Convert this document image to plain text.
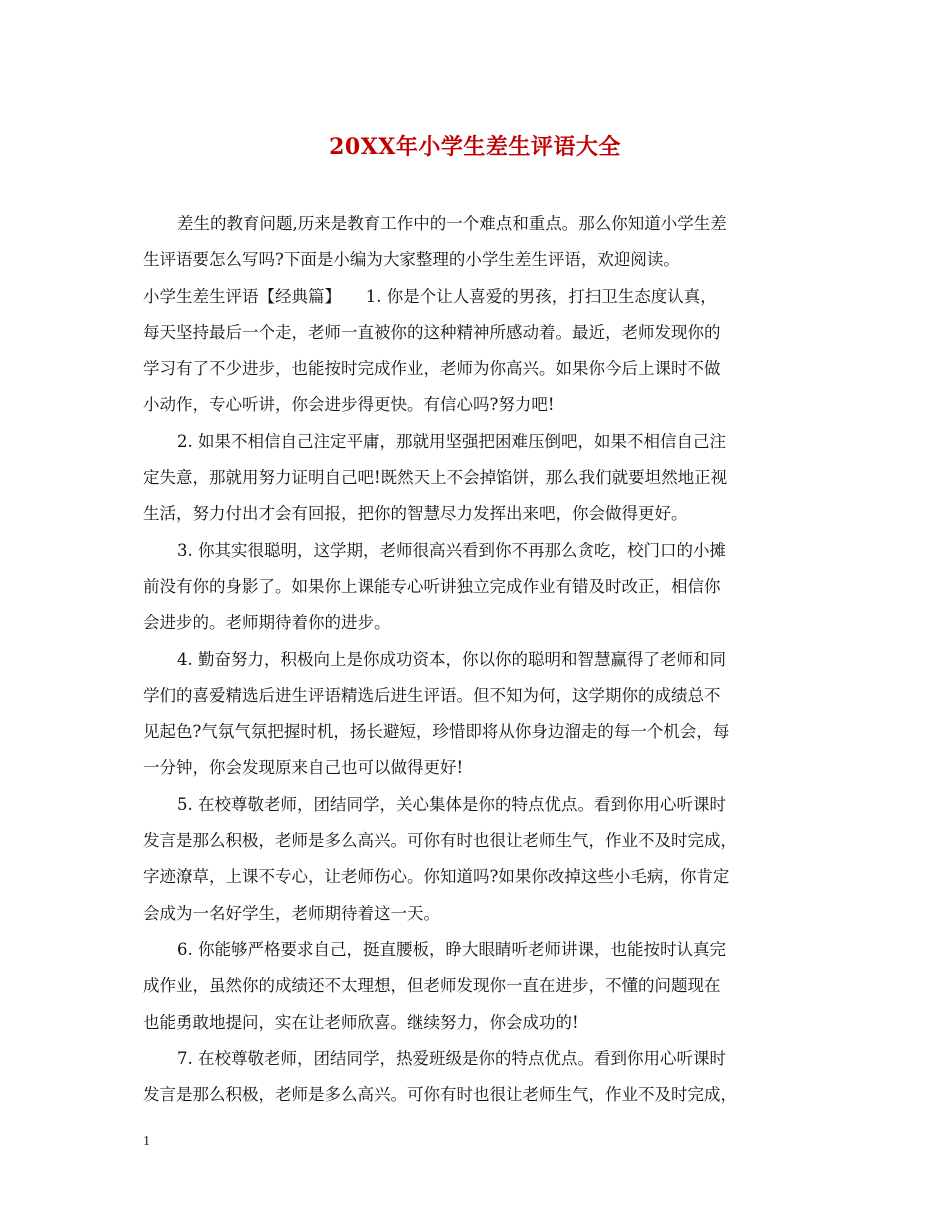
20XX年小学生差生评语大全
差生的教育问题,历来是教育工作中的一个难点和重点。那么你知道小学生差
生评语要怎么写吗?下面是小编为大家整理的小学生差生评语，欢迎阅读。
小学生差生评语【经典篇】　　1. 你是个让人喜爱的男孩，打扫卫生态度认真，
每天坚持最后一个走，老师一直被你的这种精神所感动着。最近，老师发现你的
学习有了不少进步，也能按时完成作业，老师为你高兴。如果你今后上课时不做
小动作，专心听讲，你会进步得更快。有信心吗?努力吧!
2. 如果不相信自己注定平庸，那就用坚强把困难压倒吧，如果不相信自己注
定失意，那就用努力证明自己吧!既然天上不会掉馅饼，那么我们就要坦然地正视
生活，努力付出才会有回报，把你的智慧尽力发挥出来吧，你会做得更好。
3. 你其实很聪明，这学期，老师很高兴看到你不再那么贪吃，校门口的小摊
前没有你的身影了。如果你上课能专心听讲独立完成作业有错及时改正，相信你
会进步的。老师期待着你的进步。
4. 勤奋努力，积极向上是你成功资本，你以你的聪明和智慧赢得了老师和同
学们的喜爱精选后进生评语精选后进生评语。但不知为何，这学期你的成绩总不
见起色?气氛气氛把握时机，扬长避短，珍惜即将从你身边溜走的每一个机会，每
一分钟，你会发现原来自己也可以做得更好!
5. 在校尊敬老师，团结同学，关心集体是你的特点优点。看到你用心听课时
发言是那么积极，老师是多么高兴。可你有时也很让老师生气，作业不及时完成，
字迹潦草，上课不专心，让老师伤心。你知道吗?如果你改掉这些小毛病，你肯定
会成为一名好学生，老师期待着这一天。
6. 你能够严格要求自己，挺直腰板，睁大眼睛听老师讲课，也能按时认真完
成作业，虽然你的成绩还不太理想，但老师发现你一直在进步，不懂的问题现在
也能勇敢地提问，实在让老师欣喜。继续努力，你会成功的!
7. 在校尊敬老师，团结同学，热爱班级是你的特点优点。看到你用心听课时
发言是那么积极，老师是多么高兴。可你有时也很让老师生气，作业不及时完成，
1
